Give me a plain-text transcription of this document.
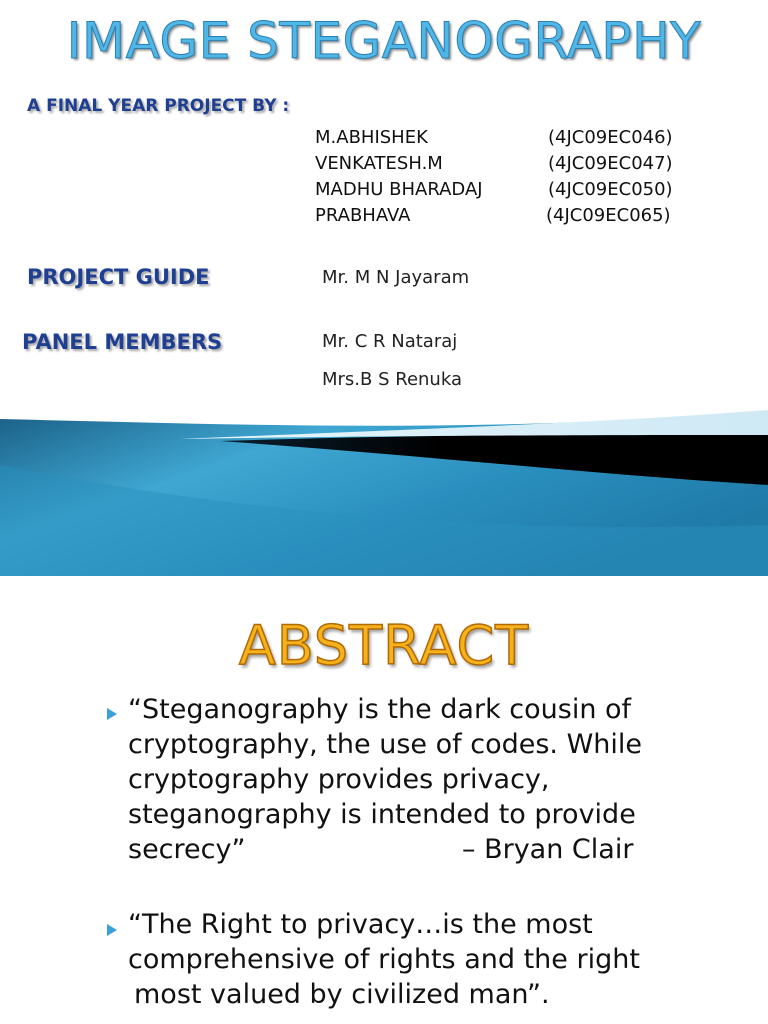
IMAGE STEGANOGRAPHY
A FINAL YEAR PROJECT BY :
M.ABHISHEK	(4JC09EC046)
VENKATESH.M	(4JC09EC047)
MADHU BHARADAJ	(4JC09EC050)
PRABHAVA	(4JC09EC065)
PROJECT GUIDE	Mr. M N Jayaram
PANEL MEMBERS	Mr. C R Nataraj
Mrs.B S Renuka
ABSTRACT

“Steganography is the dark cousin of
cryptography, the use of codes. While
cryptography provides privacy,
steganography is intended to provide
secrecy”	– Bryan Clair

“The Right to privacy…is the most
comprehensive of rights and the right
most valued by civilized man”.
